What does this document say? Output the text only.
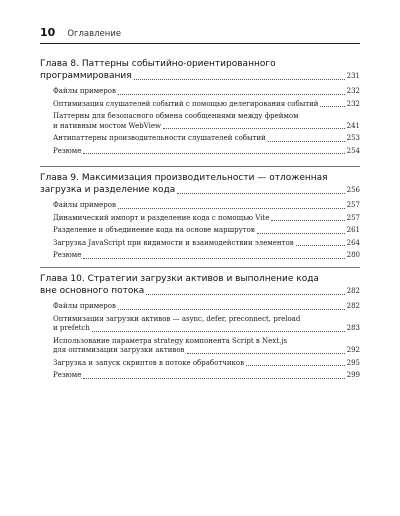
10 Оглавление
Глава 8. Паттерны событийно-ориентированного
программирования	231
Файлы примеров	232
Оптимизация слушателей событий с помощью делегирования событий	232
Паттерны для безопасного обмена сообщениями между фреймом
и нативным мостом WebView	241
Антипаттерны производительности слушателей событий	253
Резюме	254
Глава 9. Максимизация производительности — отложенная
загрузка и разделение кода	256
Файлы примеров	257
Динамический импорт и разделение кода с помощью Vite	257
Разделение и объединение кода на основе маршрутов	261
Загрузка JavaScript при видимости и взаимодействии элементов	264
Резюме	280
Глава 10. Стратегии загрузки активов и выполнение кода
вне основного потока	282
Файлы примеров	282
Оптимизация загрузки активов — async, defer, preconnect, preload
и prefetch	283
Использование параметра strategy компонента Script в Next.js
для оптимизации загрузки активов	292
Загрузка и запуск скриптов в потоке обработчиков	295
Резюме	299
